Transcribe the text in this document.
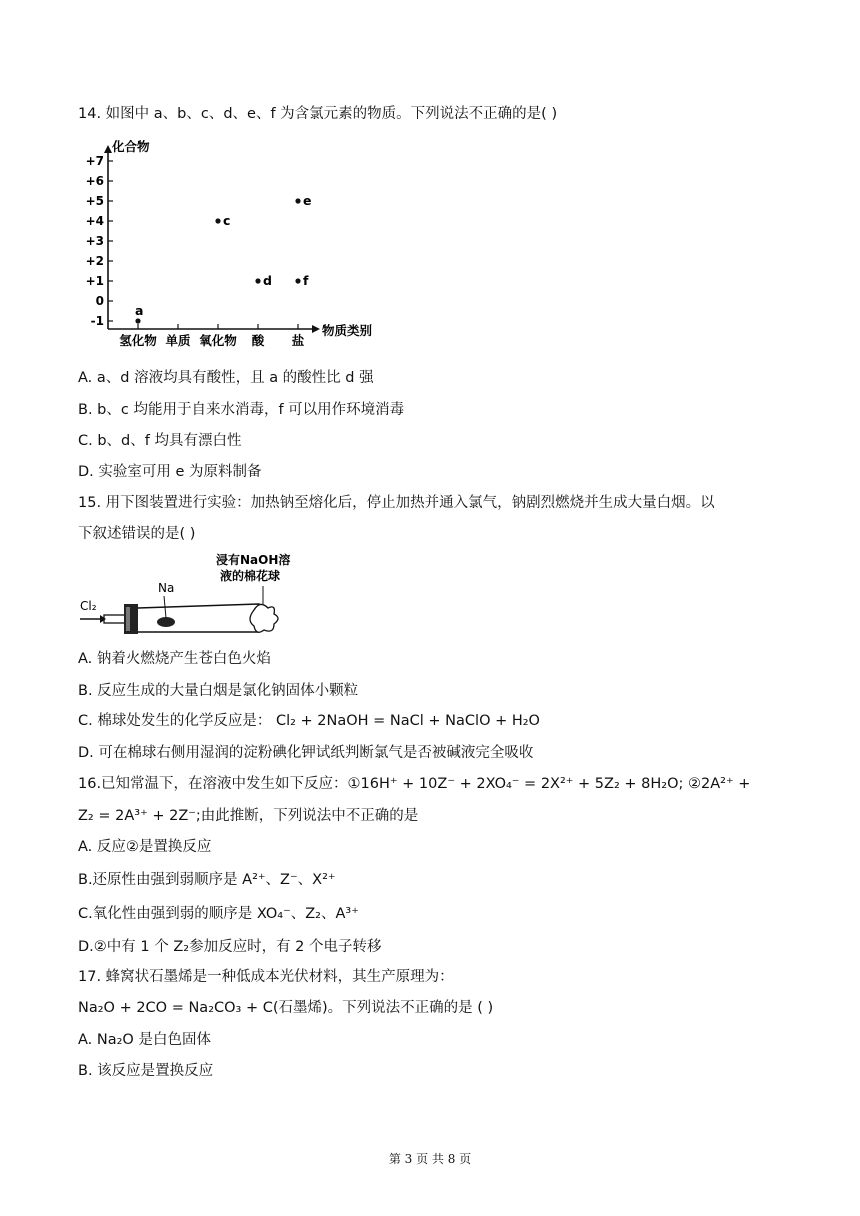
14. 如图中 a、b、c、d、e、f 为含氯元素的物质。下列说法不正确的是( )
化合物
物质类别
+7
+6
+5
+4
+3
+2
+1
0
-1
氢化物 单质 氧化物 酸 盐
a
c
d
e
f
A. a、d 溶液均具有酸性，且 a 的酸性比 d 强
B. b、c 均能用于自来水消毒，f 可以用作环境消毒
C. b、d、f 均具有漂白性
D. 实验室可用 e 为原料制备
15. 用下图装置进行实验：加热钠至熔化后，停止加热并通入氯气，钠剧烈燃烧并生成大量白烟。以
下叙述错误的是( )
浸有NaOH溶
液的棉花球
Na
Cl₂
A. 钠着火燃烧产生苍白色火焰
B. 反应生成的大量白烟是氯化钠固体小颗粒
C. 棉球处发生的化学反应是： Cl₂ + 2NaOH = NaCl + NaClO + H₂O
D. 可在棉球右侧用湿润的淀粉碘化钾试纸判断氯气是否被碱液完全吸收
16.已知常温下，在溶液中发生如下反应：①16H⁺ + 10Z⁻ + 2XO₄⁻ = 2X²⁺ + 5Z₂ + 8H₂O; ②2A²⁺ +
Z₂ = 2A³⁺ + 2Z⁻;由此推断，下列说法中不正确的是
A. 反应②是置换反应
B.还原性由强到弱顺序是 A²⁺、Z⁻、X²⁺
C.氧化性由强到弱的顺序是 XO₄⁻、Z₂、A³⁺
D.②中有 1 个 Z₂参加反应时，有 2 个电子转移
17. 蜂窝状石墨烯是一种低成本光伏材料，其生产原理为：
Na₂O + 2CO = Na₂CO₃ + C(石墨烯)。下列说法不正确的是 ( )
A. Na₂O 是白色固体
B. 该反应是置换反应
第 3 页 共 8 页
